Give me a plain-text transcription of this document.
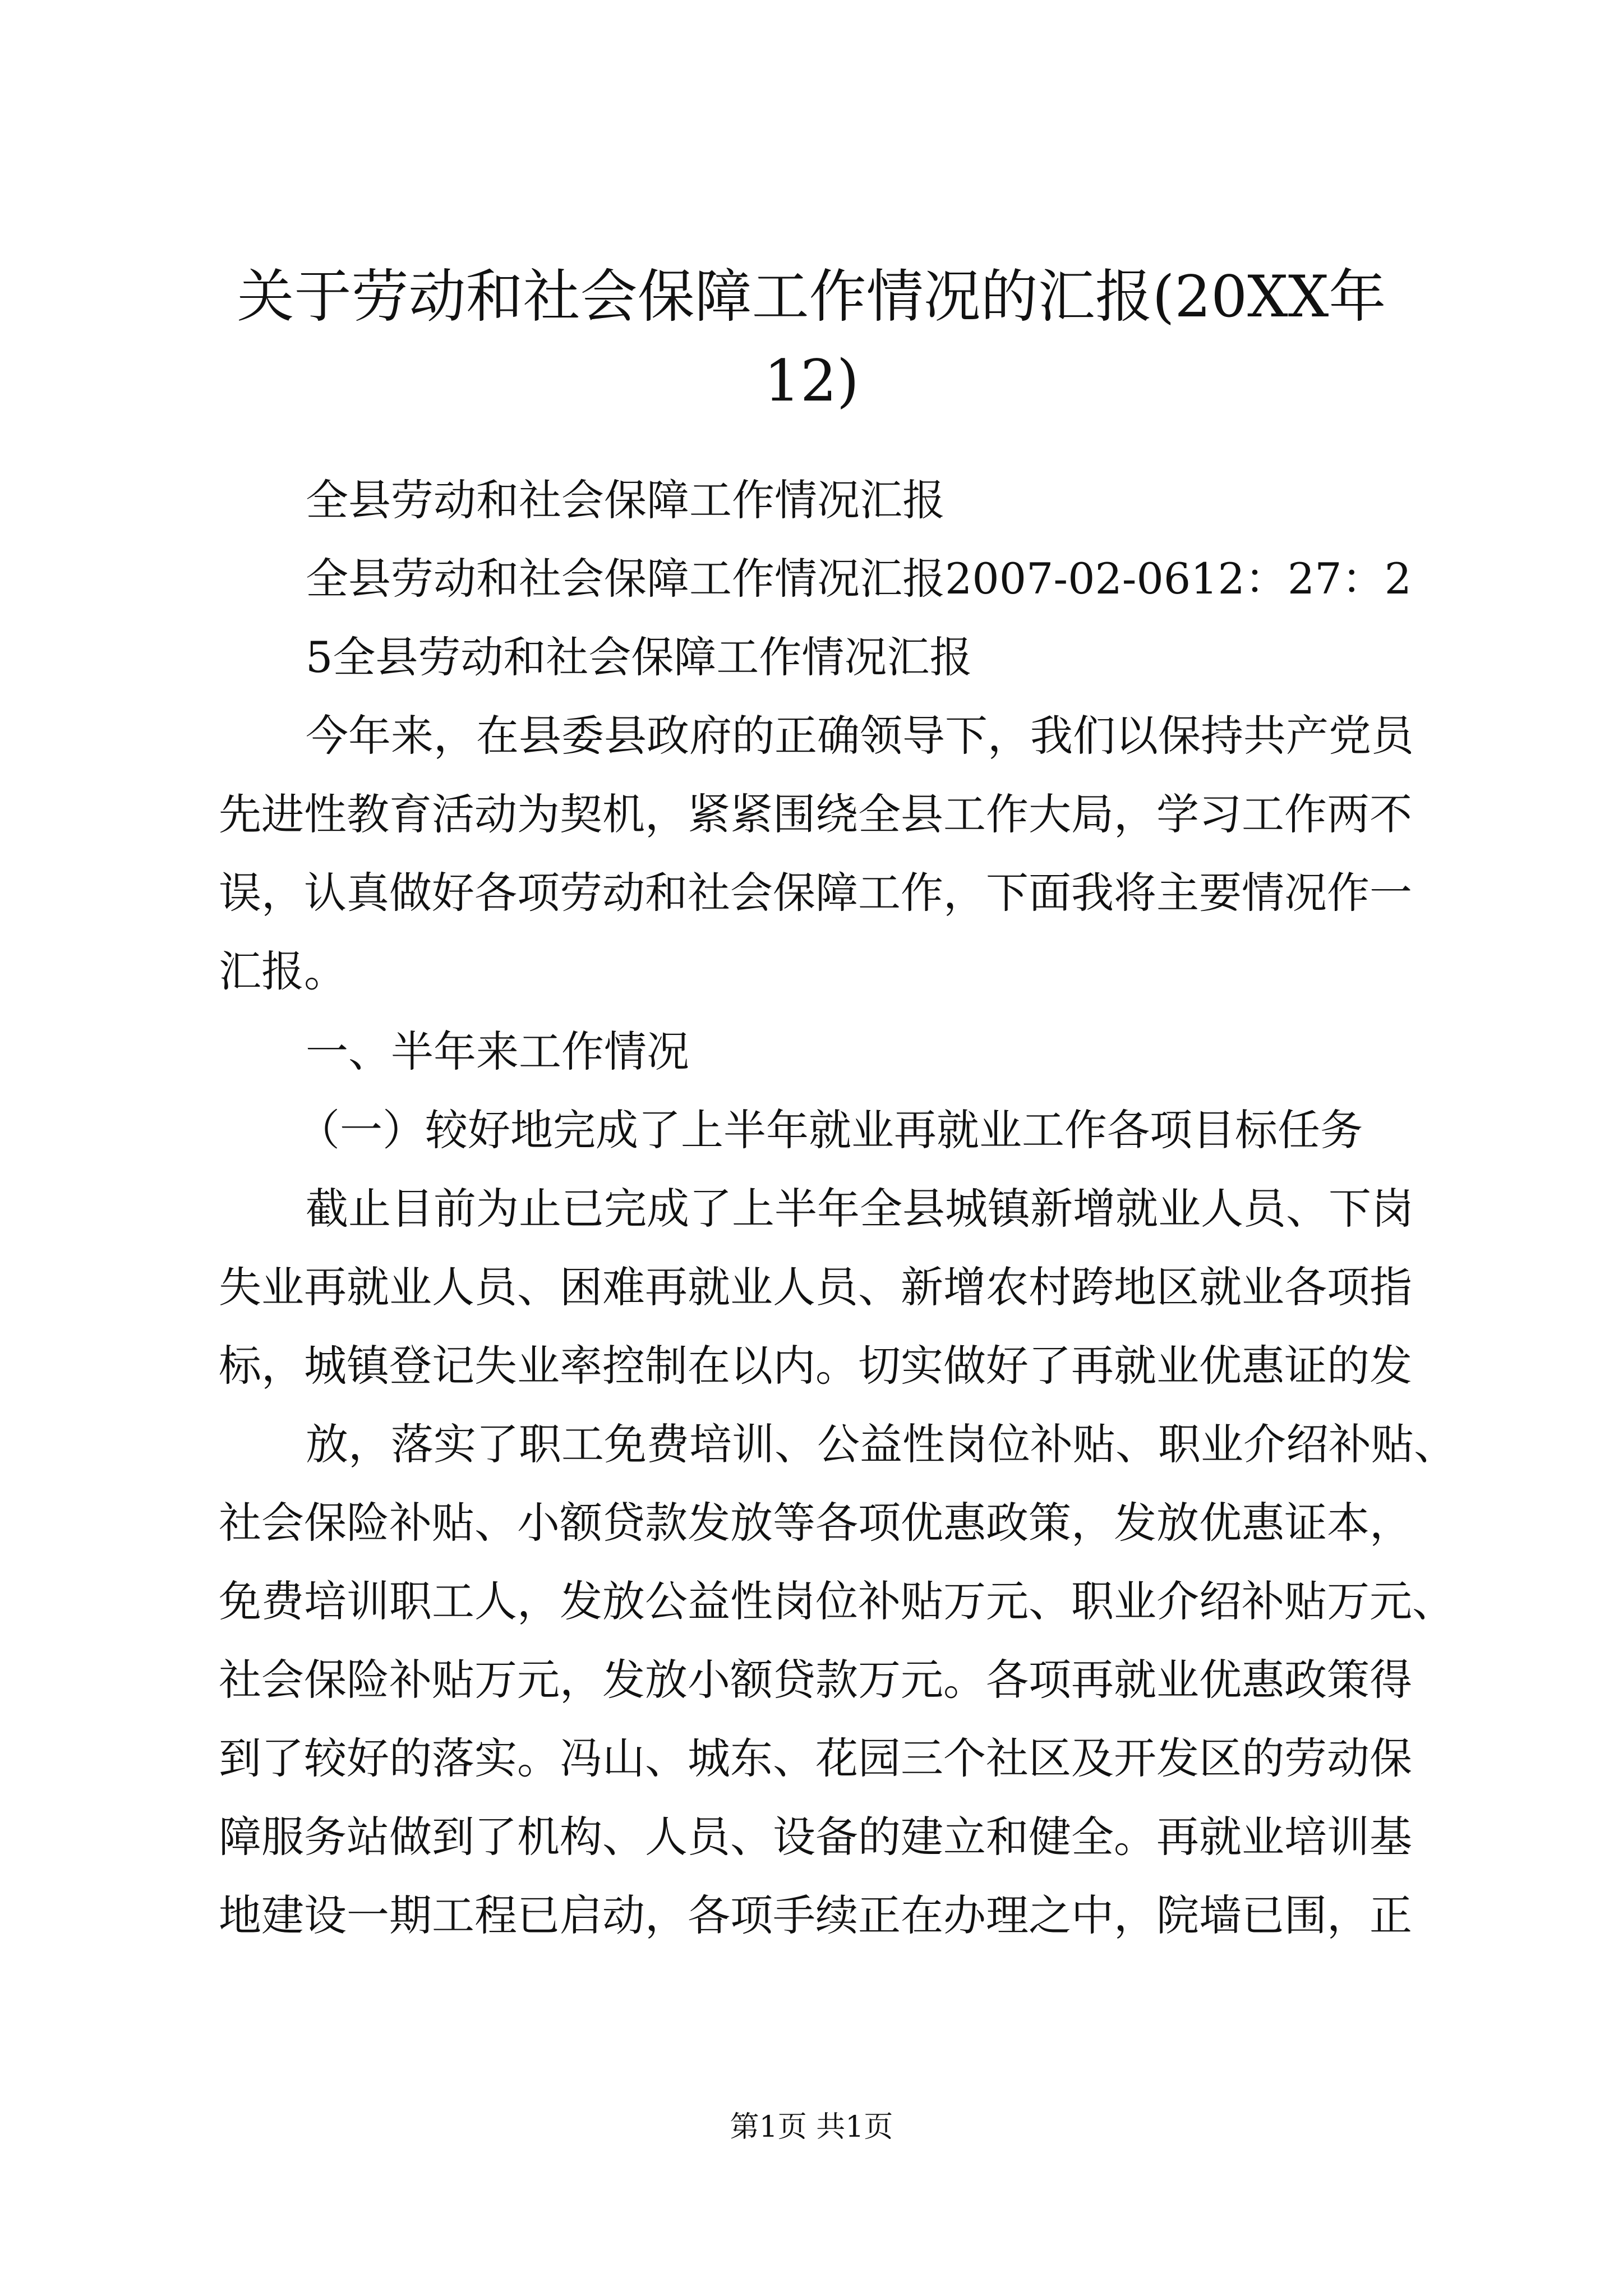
关于劳动和社会保障工作情况的汇报(20XX年
12)

全县劳动和社会保障工作情况汇报

全县劳动和社会保障工作情况汇报2007-02-0612：27：2

5全县劳动和社会保障工作情况汇报

今年来，在县委县政府的正确领导下，我们以保持共产党员

先进性教育活动为契机，紧紧围绕全县工作大局，学习工作两不

误，认真做好各项劳动和社会保障工作，下面我将主要情况作一

汇报。

一、半年来工作情况

（一）较好地完成了上半年就业再就业工作各项目标任务

截止目前为止已完成了上半年全县城镇新增就业人员、下岗

失业再就业人员、困难再就业人员、新增农村跨地区就业各项指

标，城镇登记失业率控制在以内。切实做好了再就业优惠证的发

放，落实了职工免费培训、公益性岗位补贴、职业介绍补贴、

社会保险补贴、小额贷款发放等各项优惠政策，发放优惠证本，

免费培训职工人，发放公益性岗位补贴万元、职业介绍补贴万元、

社会保险补贴万元，发放小额贷款万元。各项再就业优惠政策得

到了较好的落实。冯山、城东、花园三个社区及开发区的劳动保

障服务站做到了机构、人员、设备的建立和健全。再就业培训基

地建设一期工程已启动，各项手续正在办理之中，院墙已围，正

第1页 共1页
